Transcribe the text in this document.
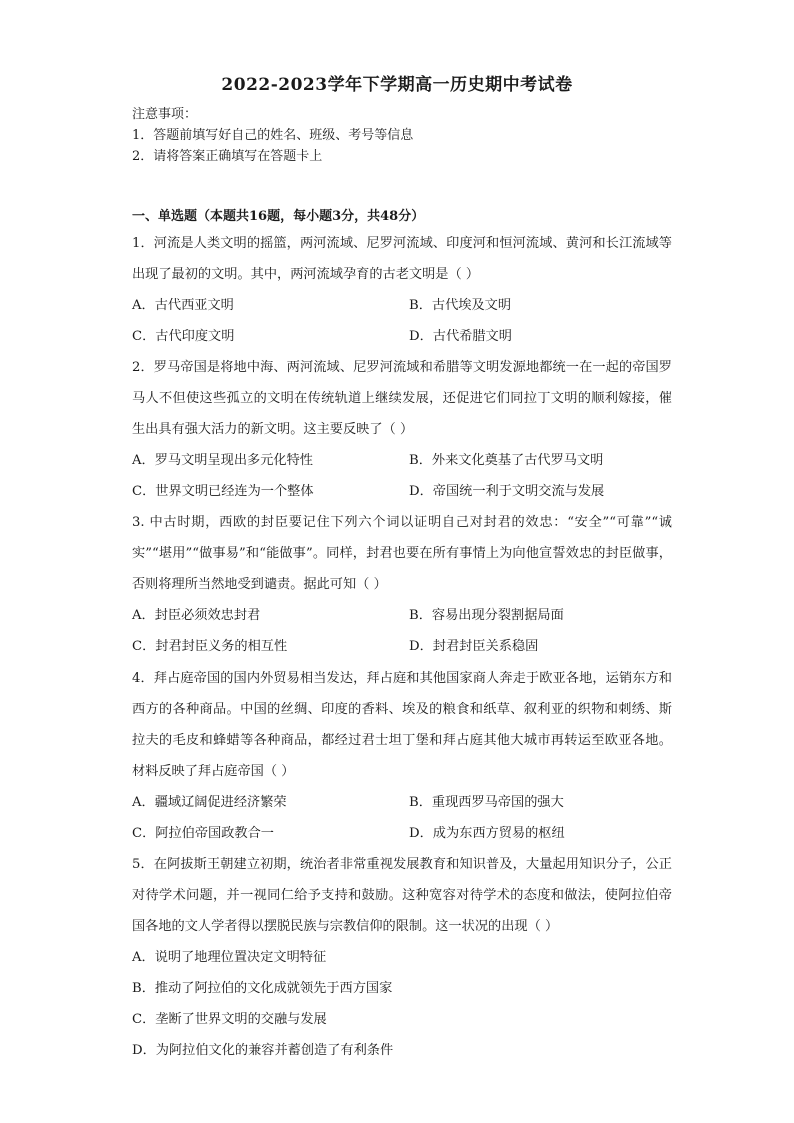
2022-2023学年下学期高一历史期中考试卷
注意事项：
1．答题前填写好自己的姓名、班级、考号等信息
2．请将答案正确填写在答题卡上
一、单选题（本题共16题，每小题3分，共48分）
1．河流是人类文明的摇篮，两河流域、尼罗河流域、印度河和恒河流域、黄河和长江流域等出现了最初的文明。其中，两河流域孕育的古老文明是（ ）
A．古代西亚文明	B．古代埃及文明
C．古代印度文明	D．古代希腊文明
2．罗马帝国是将地中海、两河流域、尼罗河流域和希腊等文明发源地都统一在一起的帝国罗马人不但使这些孤立的文明在传统轨道上继续发展，还促进它们同拉丁文明的顺利嫁接，催生出具有强大活力的新文明。这主要反映了（ ）
A．罗马文明呈现出多元化特性	B．外来文化奠基了古代罗马文明
C．世界文明已经连为一个整体	D．帝国统一利于文明交流与发展
3. 中古时期，西欧的封臣要记住下列六个词以证明自己对封君的效忠：“安全”“可靠”“诚实”“堪用”“做事易”和“能做事”。同样，封君也要在所有事情上为向他宣誓效忠的封臣做事，否则将理所当然地受到谴责。据此可知（ ）
A．封臣必须效忠封君	B．容易出现分裂割据局面
C．封君封臣义务的相互性	D．封君封臣关系稳固
4．拜占庭帝国的国内外贸易相当发达，拜占庭和其他国家商人奔走于欧亚各地，运销东方和西方的各种商品。中国的丝绸、印度的香料、埃及的粮食和纸草、叙利亚的织物和刺绣、斯拉夫的毛皮和蜂蜡等各种商品，都经过君士坦丁堡和拜占庭其他大城市再转运至欧亚各地。材料反映了拜占庭帝国（ ）
A．疆域辽阔促进经济繁荣	B．重现西罗马帝国的强大
C．阿拉伯帝国政教合一	D．成为东西方贸易的枢纽
5．在阿拔斯王朝建立初期，统治者非常重视发展教育和知识普及，大量起用知识分子，公正对待学术问题，并一视同仁给予支持和鼓励。这种宽容对待学术的态度和做法，使阿拉伯帝国各地的文人学者得以摆脱民族与宗教信仰的限制。这一状况的出现（ ）
A．说明了地理位置决定文明特征
B．推动了阿拉伯的文化成就领先于西方国家
C．垄断了世界文明的交融与发展
D．为阿拉伯文化的兼容并蓄创造了有利条件
